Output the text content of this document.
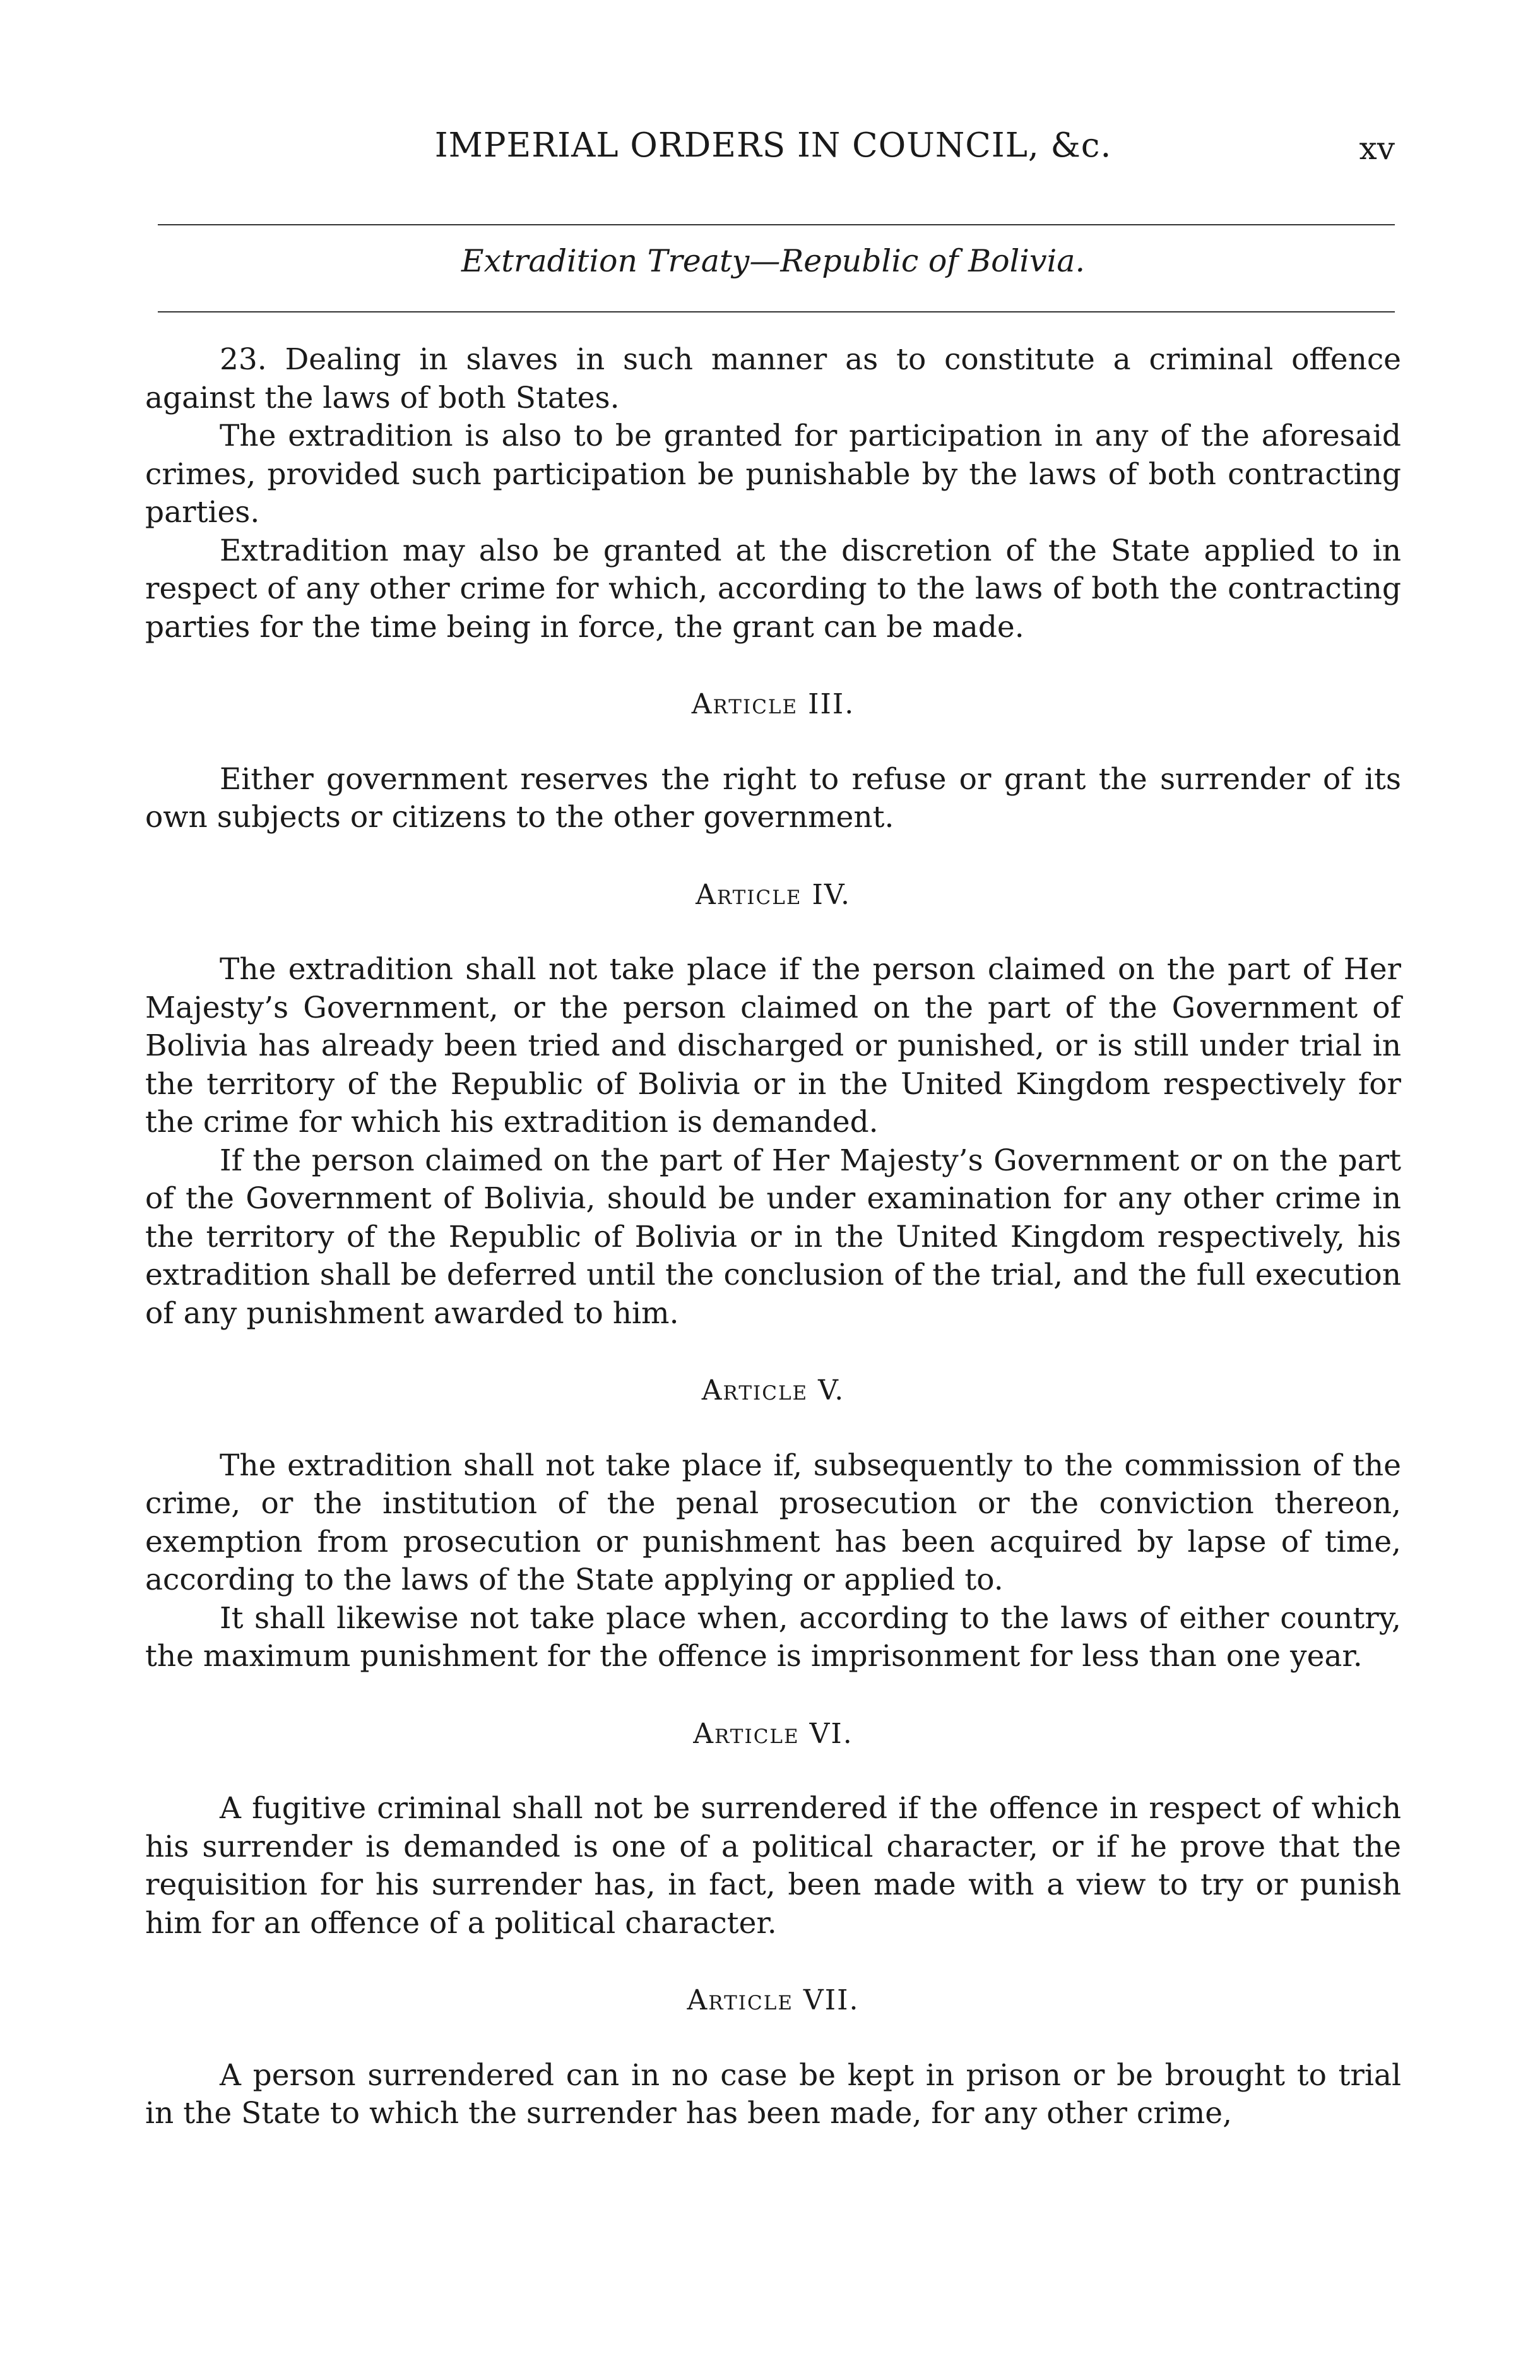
IMPERIAL ORDERS IN COUNCIL, &c.	xv
Extradition Treaty—Republic of Bolivia.

23. Dealing in slaves in such manner as to constitute a criminal offence against the laws of both States.

The extradition is also to be granted for participation in any of the aforesaid crimes, provided such participation be punishable by the laws of both contracting parties.

Extradition may also be granted at the discretion of the State applied to in respect of any other crime for which, according to the laws of both the contracting parties for the time being in force, the grant can be made.

Article III.

Either government reserves the right to refuse or grant the surrender of its own subjects or citizens to the other government.

Article IV.

The extradition shall not take place if the person claimed on the part of Her Majesty’s Government, or the person claimed on the part of the Government of Bolivia has already been tried and discharged or punished, or is still under trial in the territory of the Republic of Bolivia or in the United Kingdom respectively for the crime for which his extradition is demanded.

If the person claimed on the part of Her Majesty’s Government or on the part of the Government of Bolivia, should be under examination for any other crime in the territory of the Republic of Bolivia or in the United Kingdom respectively, his extradition shall be deferred until the conclusion of the trial, and the full execution of any punishment awarded to him.

Article V.

The extradition shall not take place if, subsequently to the commission of the crime, or the institution of the penal prosecution or the conviction thereon, exemption from prosecution or punishment has been acquired by lapse of time, according to the laws of the State applying or applied to.

It shall likewise not take place when, according to the laws of either country, the maximum punishment for the offence is imprisonment for less than one year.

Article VI.

A fugitive criminal shall not be surrendered if the offence in respect of which his surrender is demanded is one of a political character, or if he prove that the requisition for his surrender has, in fact, been made with a view to try or punish him for an offence of a political character.

Article VII.

A person surrendered can in no case be kept in prison or be brought to trial in the State to which the surrender has been made, for any other crime,
